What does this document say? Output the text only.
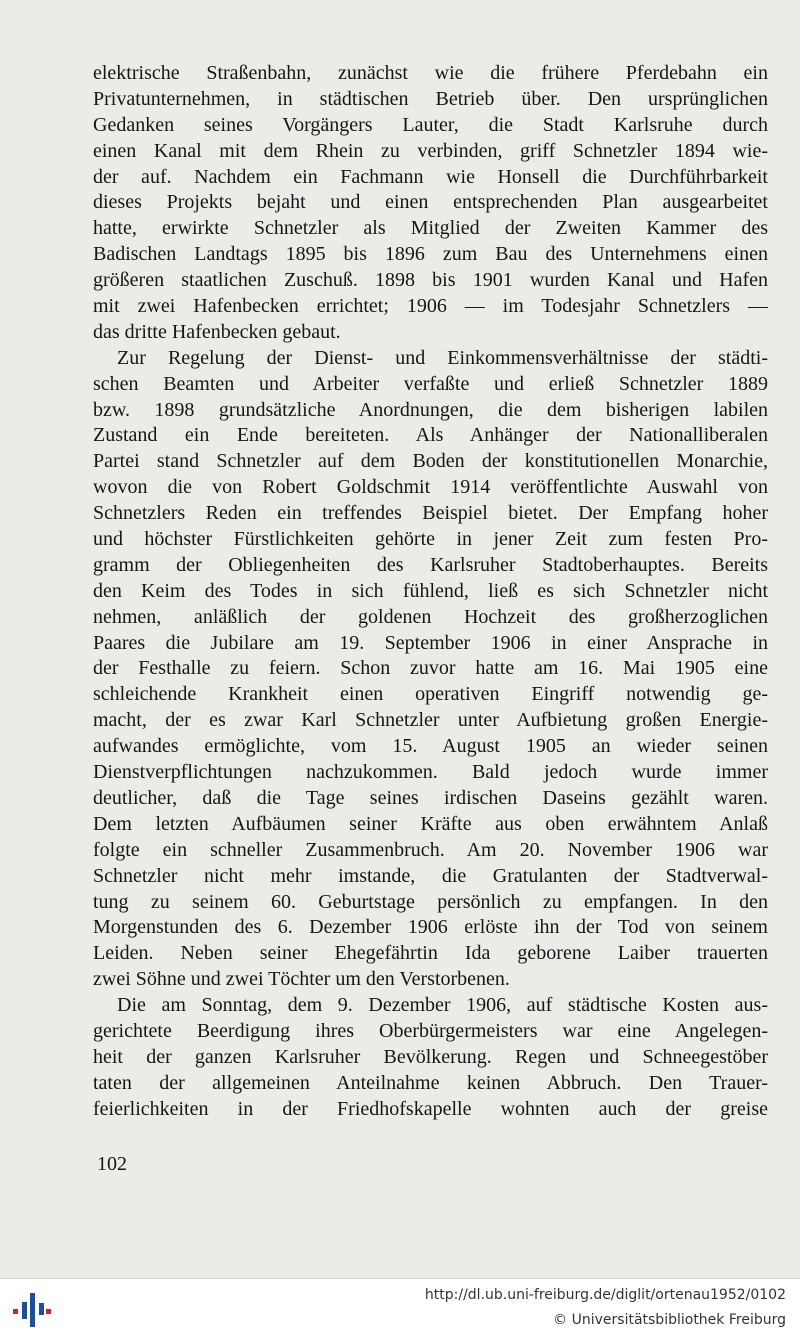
elektrische Straßenbahn, zunächst wie die frühere Pferdebahn ein
Privatunternehmen, in städtischen Betrieb über. Den ursprünglichen
Gedanken seines Vorgängers Lauter, die Stadt Karlsruhe durch
einen Kanal mit dem Rhein zu verbinden, griff Schnetzler 1894 wie-
der auf. Nachdem ein Fachmann wie Honsell die Durchführbarkeit
dieses Projekts bejaht und einen entsprechenden Plan ausgearbeitet
hatte, erwirkte Schnetzler als Mitglied der Zweiten Kammer des
Badischen Landtags 1895 bis 1896 zum Bau des Unternehmens einen
größeren staatlichen Zuschuß. 1898 bis 1901 wurden Kanal und Hafen
mit zwei Hafenbecken errichtet; 1906 — im Todesjahr Schnetzlers —
das dritte Hafenbecken gebaut.
Zur Regelung der Dienst- und Einkommensverhältnisse der städti-
schen Beamten und Arbeiter verfaßte und erließ Schnetzler 1889
bzw. 1898 grundsätzliche Anordnungen, die dem bisherigen labilen
Zustand ein Ende bereiteten. Als Anhänger der Nationalliberalen
Partei stand Schnetzler auf dem Boden der konstitutionellen Monarchie,
wovon die von Robert Goldschmit 1914 veröffentlichte Auswahl von
Schnetzlers Reden ein treffendes Beispiel bietet. Der Empfang hoher
und höchster Fürstlichkeiten gehörte in jener Zeit zum festen Pro-
gramm der Obliegenheiten des Karlsruher Stadtoberhauptes. Bereits
den Keim des Todes in sich fühlend, ließ es sich Schnetzler nicht
nehmen, anläßlich der goldenen Hochzeit des großherzoglichen
Paares die Jubilare am 19. September 1906 in einer Ansprache in
der Festhalle zu feiern. Schon zuvor hatte am 16. Mai 1905 eine
schleichende Krankheit einen operativen Eingriff notwendig ge-
macht, der es zwar Karl Schnetzler unter Aufbietung großen Energie-
aufwandes ermöglichte, vom 15. August 1905 an wieder seinen
Dienstverpflichtungen nachzukommen. Bald jedoch wurde immer
deutlicher, daß die Tage seines irdischen Daseins gezählt waren.
Dem letzten Aufbäumen seiner Kräfte aus oben erwähntem Anlaß
folgte ein schneller Zusammenbruch. Am 20. November 1906 war
Schnetzler nicht mehr imstande, die Gratulanten der Stadtverwal-
tung zu seinem 60. Geburtstage persönlich zu empfangen. In den
Morgenstunden des 6. Dezember 1906 erlöste ihn der Tod von seinem
Leiden. Neben seiner Ehegefährtin Ida geborene Laiber trauerten
zwei Söhne und zwei Töchter um den Verstorbenen.
Die am Sonntag, dem 9. Dezember 1906, auf städtische Kosten aus-
gerichtete Beerdigung ihres Oberbürgermeisters war eine Angelegen-
heit der ganzen Karlsruher Bevölkerung. Regen und Schneegestöber
taten der allgemeinen Anteilnahme keinen Abbruch. Den Trauer-
feierlichkeiten in der Friedhofskapelle wohnten auch der greise
102
http://dl.ub.uni-freiburg.de/diglit/ortenau1952/0102
© Universitätsbibliothek Freiburg
